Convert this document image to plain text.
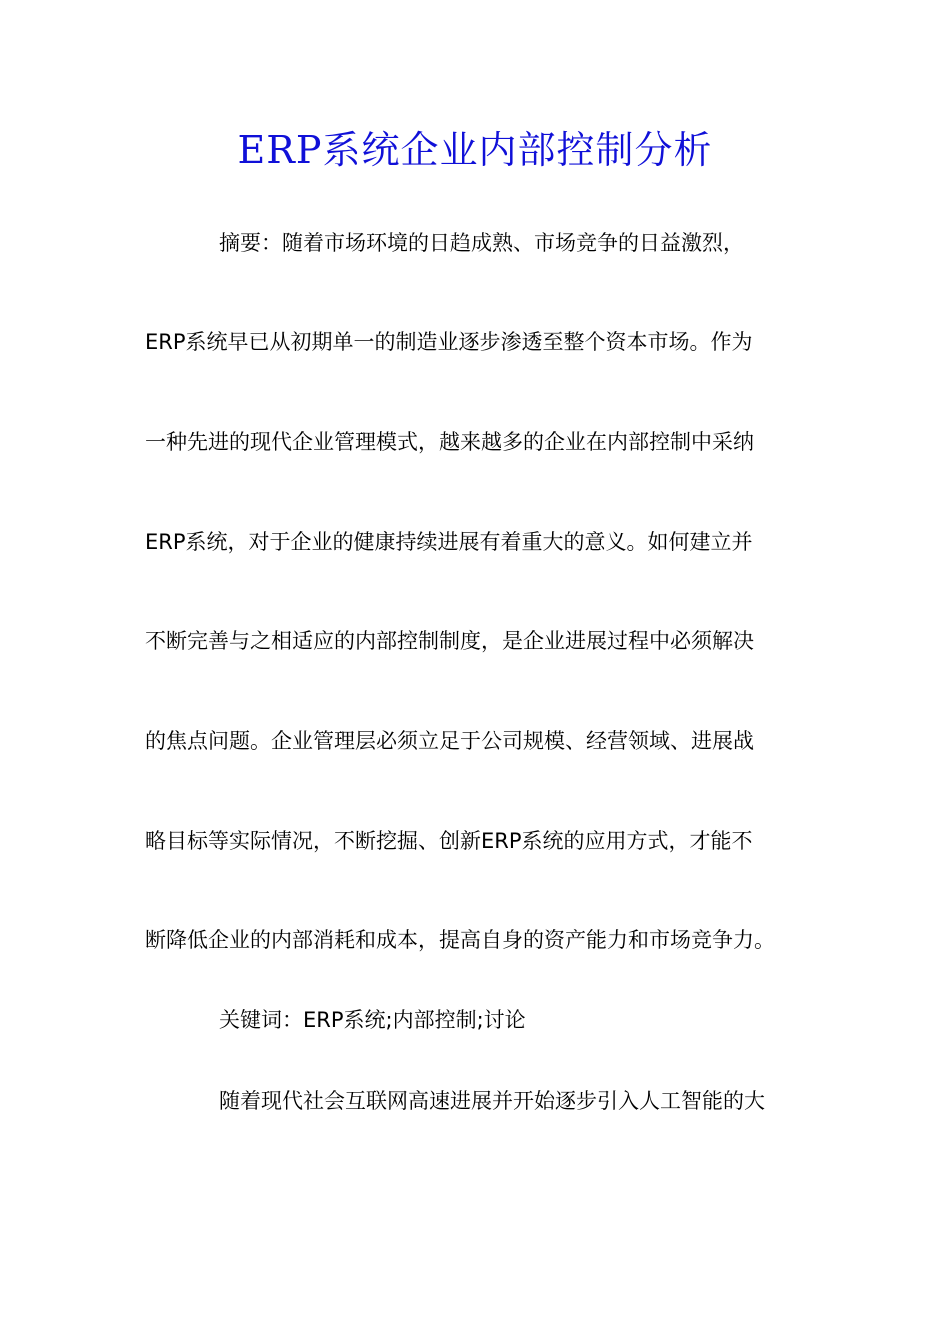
ERP系统企业内部控制分析
摘要：随着市场环境的日趋成熟、市场竞争的日益激烈，
ERP系统早已从初期单一的制造业逐步渗透至整个资本市场。作为
一种先进的现代企业管理模式，越来越多的企业在内部控制中采纳
ERP系统，对于企业的健康持续进展有着重大的意义。如何建立并
不断完善与之相适应的内部控制制度，是企业进展过程中必须解决
的焦点问题。企业管理层必须立足于公司规模、经营领域、进展战
略目标等实际情况，不断挖掘、创新ERP系统的应用方式，才能不
断降低企业的内部消耗和成本，提高自身的资产能力和市场竞争力。
关键词：ERP系统;内部控制;讨论
随着现代社会互联网高速进展并开始逐步引入人工智能的大
